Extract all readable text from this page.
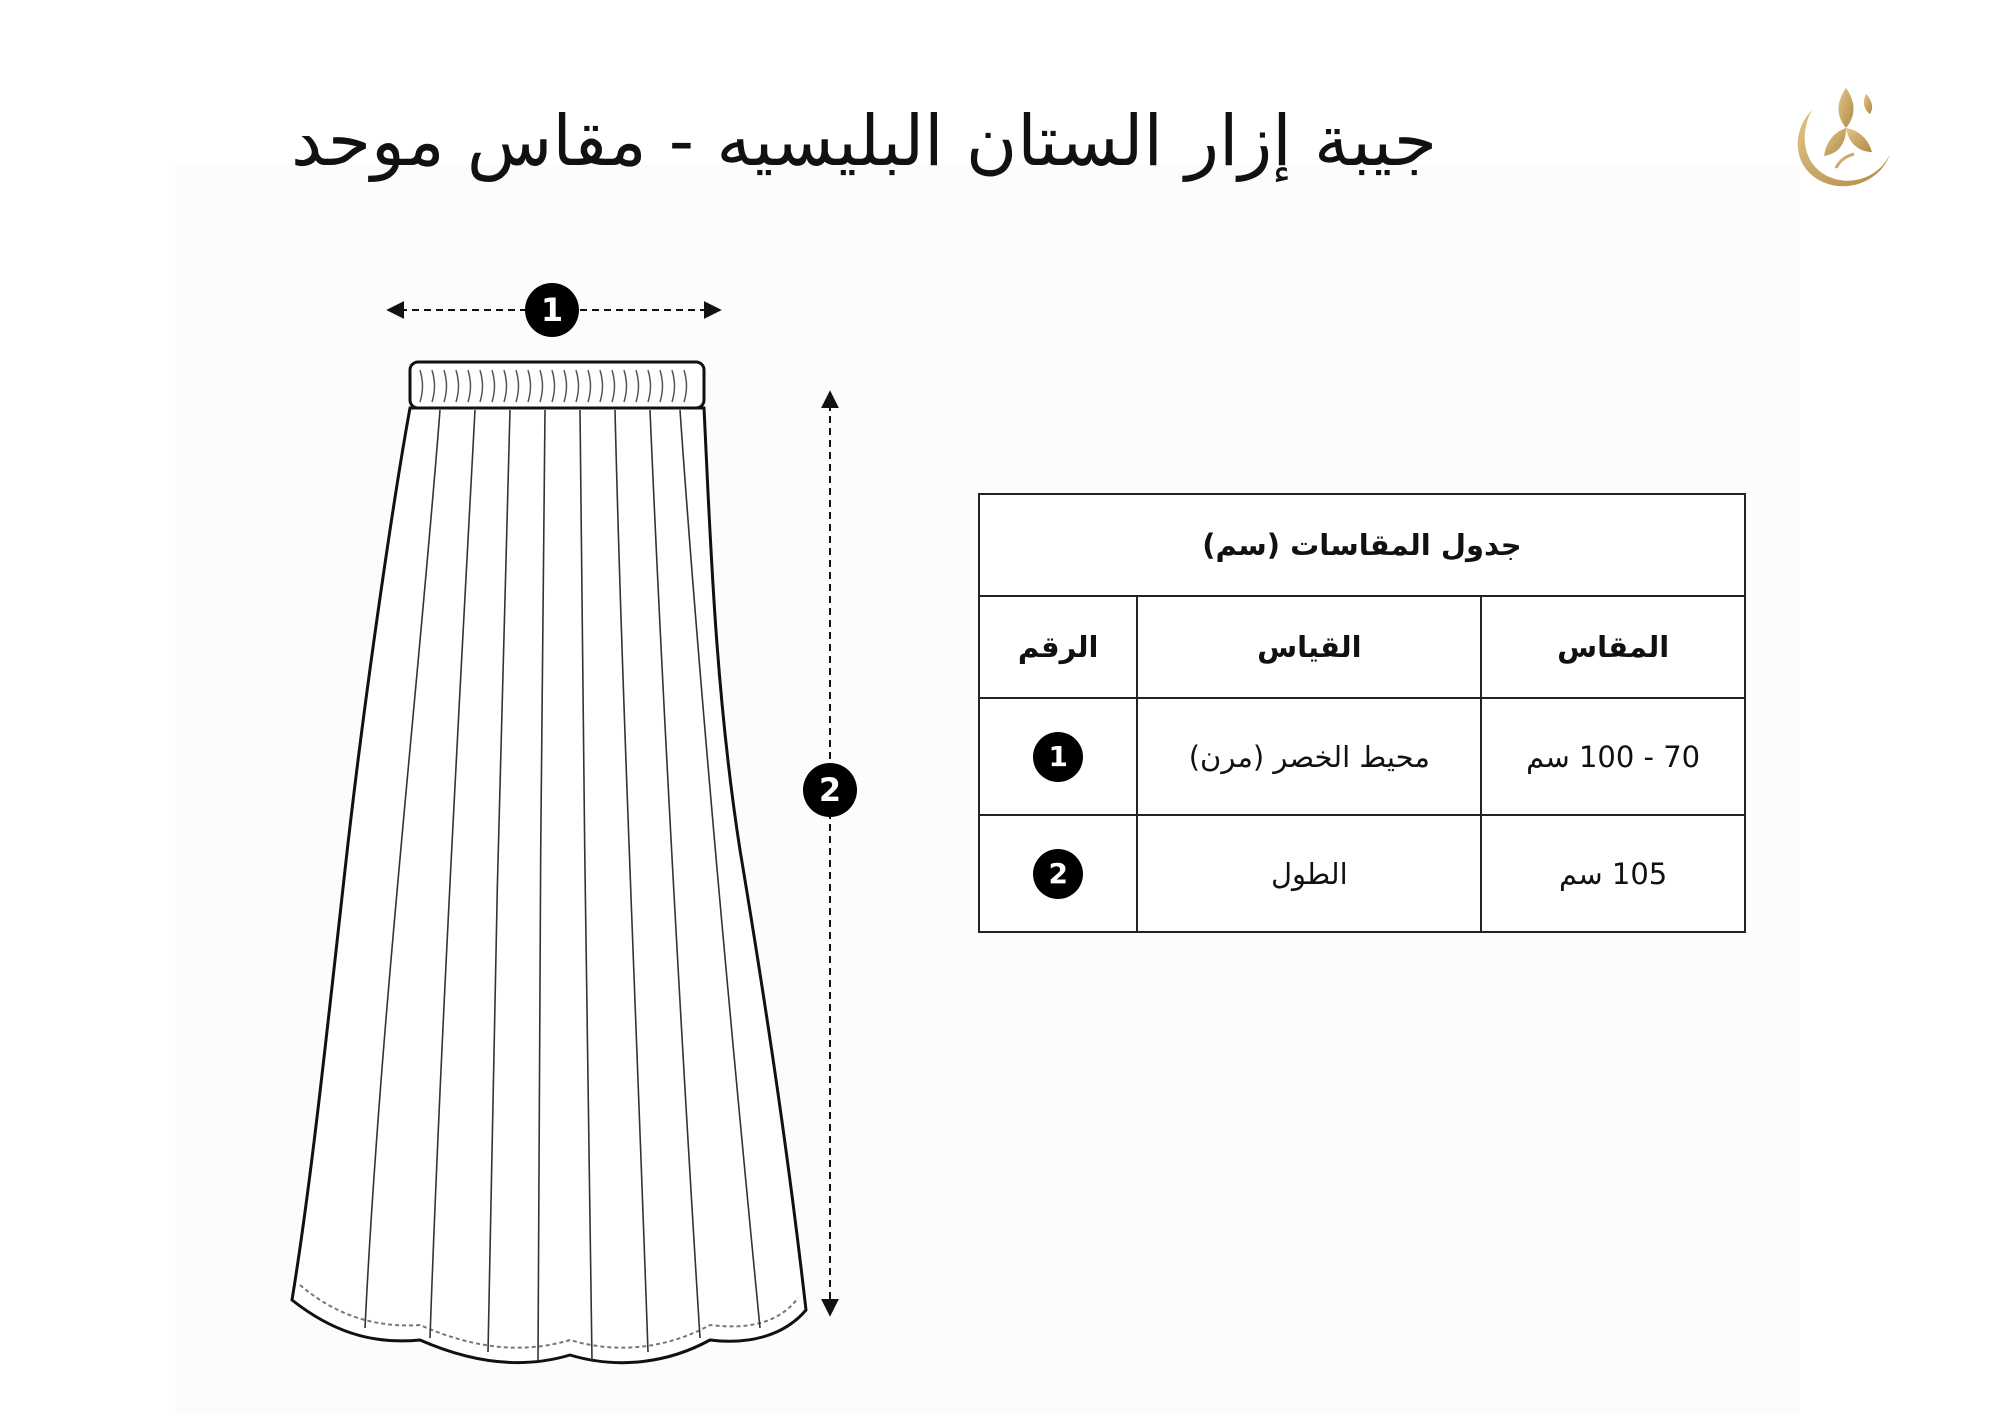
جيبة إزار الستان البليسيه - مقاس موحد
1
2
جدول المقاسات (سم)		
المقاس	القياس	الرقم
70 - 100 سم	محيط الخصر (مرن)	1
105 سم	الطول	2
